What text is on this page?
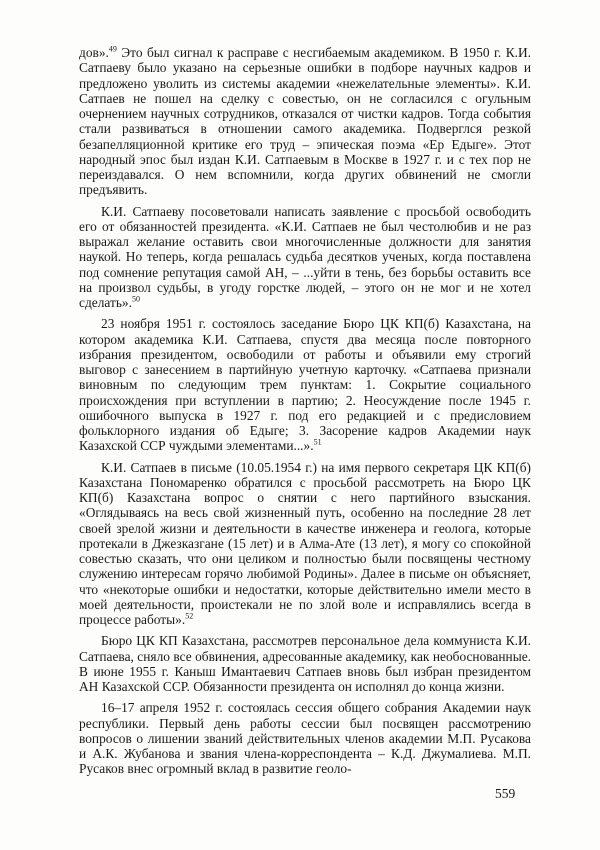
дов».$^{49}$ Это был сигнал к расправе с несгибаемым академиком. В 1950 г. К.И. Сатпаеву было указано на серьезные ошибки в подборе научных кадров и предложено уволить из системы академии «нежелательные элементы». К.И. Сатпаев не пошел на сделку с совестью, он не согласился с огульным очернением научных сотрудников, отказался от чистки кадров. Тогда события стали развиваться в отношении самого академика. Подверглся резкой безапелляционной критике его труд – эпическая поэма «Ер Едыге». Этот народный эпос был издан К.И. Сатпаевым в Москве в 1927 г. и с тех пор не переиздавался. О нем вспомнили, когда других обвинений не смогли предъявить.

К.И. Сатпаеву посоветовали написать заявление с просьбой освободить его от обязанностей президента. «К.И. Сатпаев не был честолюбив и не раз выражал желание оставить свои многочисленные должности для занятия наукой. Но теперь, когда решалась судьба десятков ученых, когда поставлена под сомнение репутация самой АН, – ...уйти в тень, без борьбы оставить все на произвол судьбы, в угоду горстке людей, – этого он не мог и не хотел сделать».$^{50}$

23 ноября 1951 г. состоялось заседание Бюро ЦК КП(б) Казахстана, на котором академика К.И. Сатпаева, спустя два месяца после повторного избрания президентом, освободили от работы и объявили ему строгий выговор с занесением в партийную учетную карточку. «Сатпаева признали виновным по следующим трем пунктам: 1. Сокрытие социального происхождения при вступлении в партию; 2. Неосуждение после 1945 г. ошибочного выпуска в 1927 г. под его редакцией и с предисловием фольклорного издания об Едыге; 3. Засорение кадров Академии наук Казахской ССР чуждыми элементами...».$^{51}$

К.И. Сатпаев в письме (10.05.1954 г.) на имя первого секретаря ЦК КП(б) Казахстана Пономаренко обратился с просьбой рассмотреть на Бюро ЦК КП(б) Казахстана вопрос о снятии с него партийного взыскания. «Оглядываясь на весь свой жизненный путь, особенно на последние 28 лет своей зрелой жизни и деятельности в качестве инженера и геолога, которые протекали в Джезказгане (15 лет) и в Алма-Ате (13 лет), я могу со спокойной совестью сказать, что они целиком и полностью были посвящены честному служению интересам горячо любимой Родины». Далее в письме он объясняет, что «некоторые ошибки и недостатки, которые действительно имели место в моей деятельности, проистекали не по злой воле и исправлялись всегда в процессе работы».$^{52}$

Бюро ЦК КП Казахстана, рассмотрев персональное дела коммуниста К.И. Сатпаева, сняло все обвинения, адресованные академику, как необоснованные. В июне 1955 г. Каныш Имантаевич Сатпаев вновь был избран президентом АН Казахской ССР. Обязанности президента он исполнял до конца жизни.

16–17 апреля 1952 г. состоялась сессия общего собрания Академии наук республики. Первый день работы сессии был посвящен рассмотрению вопросов о лишении званий действительных членов академии М.П. Русакова и А.К. Жубанова и звания члена-корреспондента – К.Д. Джумалиева. М.П. Русаков внес огромный вклад в развитие геоло-

559
